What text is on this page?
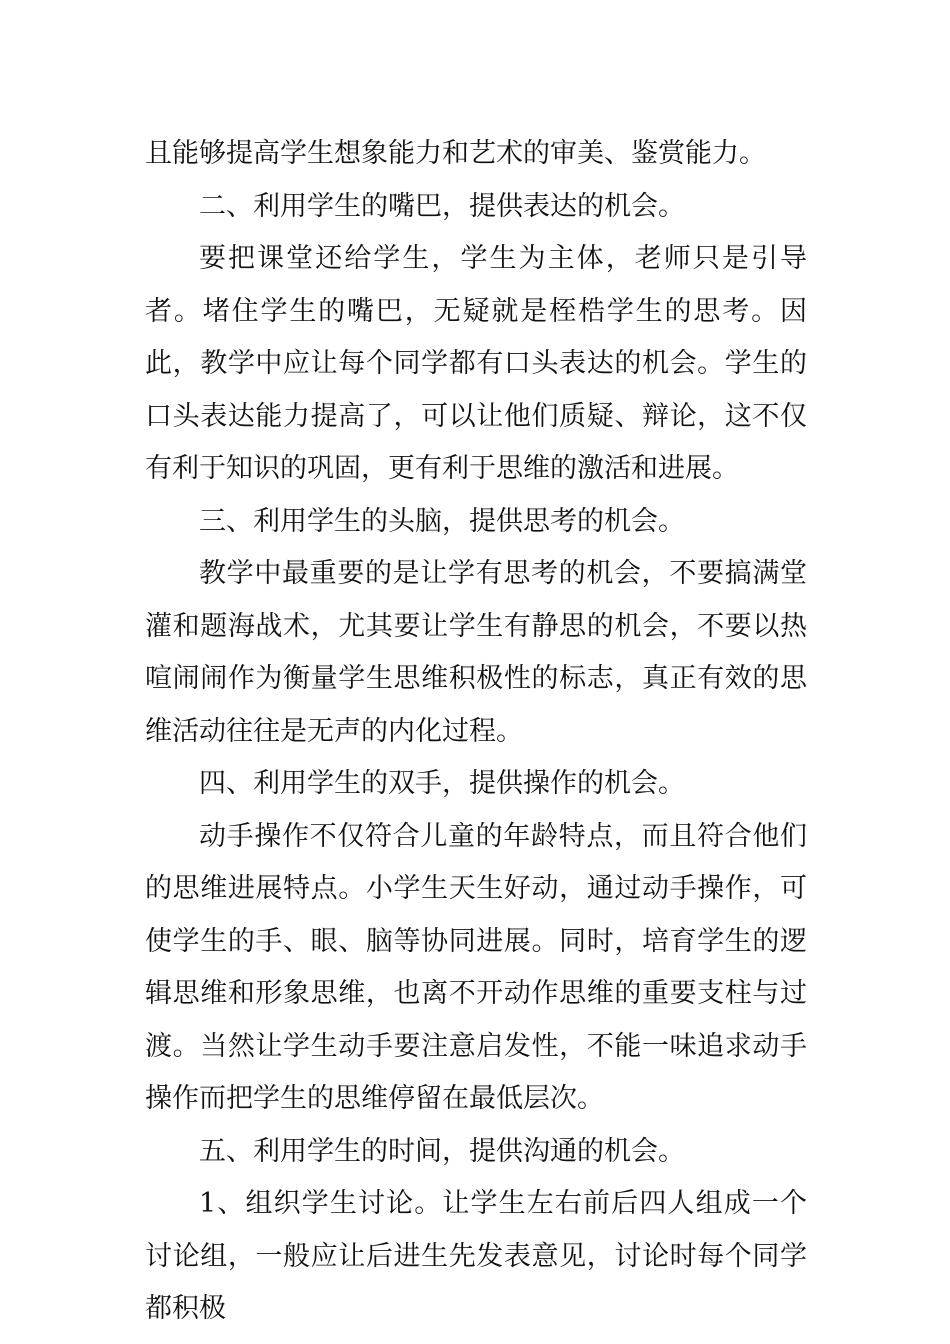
且能够提高学生想象能力和艺术的审美、鉴赏能力。

二、利用学生的嘴巴，提供表达的机会。

要把课堂还给学生，学生为主体，老师只是引导者。堵住学生的嘴巴，无疑就是桎梏学生的思考。因此，教学中应让每个同学都有口头表达的机会。学生的口头表达能力提高了，可以让他们质疑、辩论，这不仅有利于知识的巩固，更有利于思维的激活和进展。

三、利用学生的头脑，提供思考的机会。

教学中最重要的是让学有思考的机会，不要搞满堂灌和题海战术，尤其要让学生有静思的机会，不要以热喧闹闹作为衡量学生思维积极性的标志，真正有效的思维活动往往是无声的内化过程。

四、利用学生的双手，提供操作的机会。

动手操作不仅符合儿童的年龄特点，而且符合他们的思维进展特点。小学生天生好动，通过动手操作，可使学生的手、眼、脑等协同进展。同时，培育学生的逻辑思维和形象思维，也离不开动作思维的重要支柱与过渡。当然让学生动手要注意启发性，不能一味追求动手操作而把学生的思维停留在最低层次。

五、利用学生的时间，提供沟通的机会。

1、组织学生讨论。让学生左右前后四人组成一个讨论组，一般应让后进生先发表意见，讨论时每个同学都积极
